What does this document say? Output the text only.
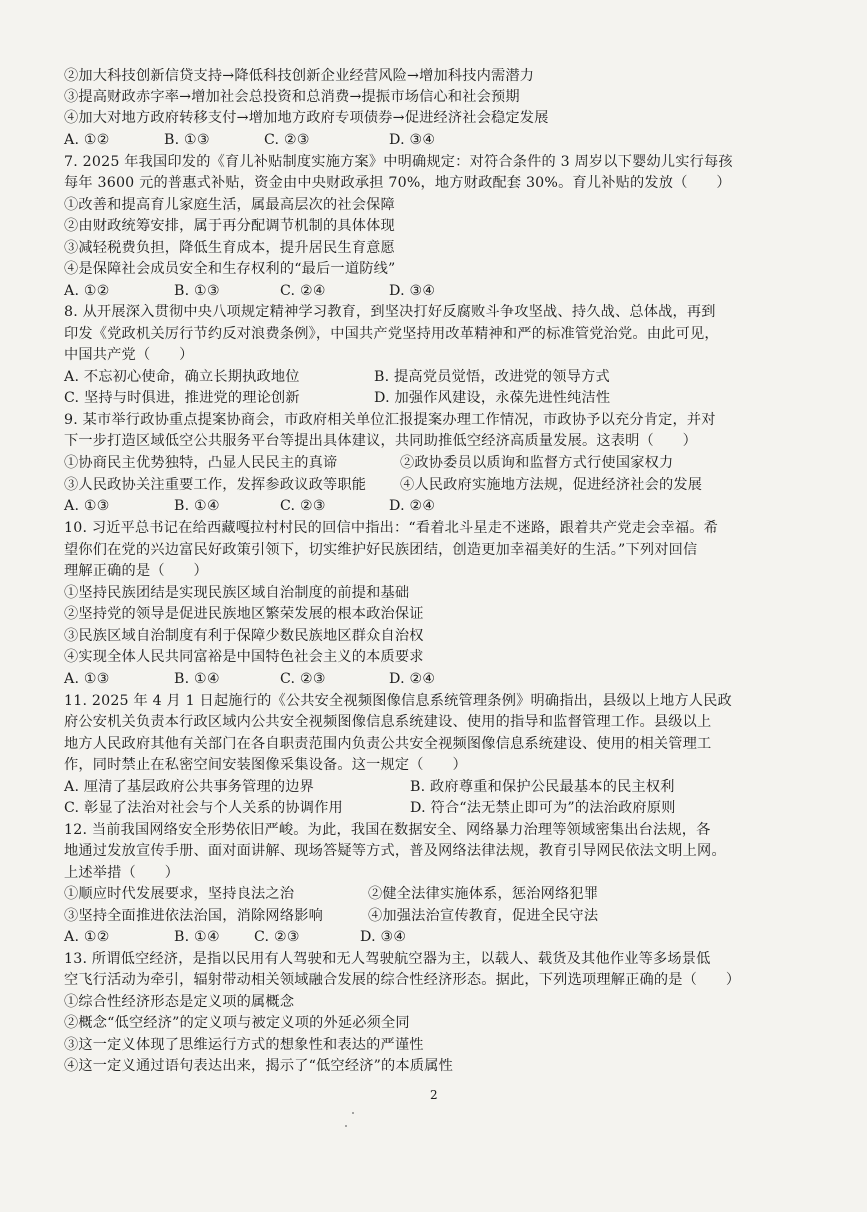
②加大科技创新信贷支持→降低科技创新企业经营风险→增加科技内需潜力
③提高财政赤字率→增加社会总投资和总消费→提振市场信心和社会预期
④加大对地方政府转移支付→增加地方政府专项债券→促进经济社会稳定发展
A. ①②	B. ①③	C. ②③	D. ③④
7. 2025 年我国印发的《育儿补贴制度实施方案》中明确规定：对符合条件的 3 周岁以下婴幼儿实行每孩
每年 3600 元的普惠式补贴，资金由中央财政承担 70%，地方财政配套 30%。育儿补贴的发放（　　）
①改善和提高育儿家庭生活，属最高层次的社会保障
②由财政统筹安排，属于再分配调节机制的具体体现
③减轻税费负担，降低生育成本，提升居民生育意愿
④是保障社会成员安全和生存权利的“最后一道防线”
A. ①②	B. ①③	C. ②④	D. ③④
8. 从开展深入贯彻中央八项规定精神学习教育，到坚决打好反腐败斗争攻坚战、持久战、总体战，再到
印发《党政机关厉行节约反对浪费条例》，中国共产党坚持用改革精神和严的标准管党治党。由此可见，
中国共产党（　　）
A. 不忘初心使命，确立长期执政地位	B. 提高党员觉悟，改进党的领导方式
C. 坚持与时俱进，推进党的理论创新	D. 加强作风建设，永葆先进性纯洁性
9. 某市举行政协重点提案协商会，市政府相关单位汇报提案办理工作情况，市政协予以充分肯定，并对
下一步打造区域低空公共服务平台等提出具体建议，共同助推低空经济高质量发展。这表明（　　）
①协商民主优势独特，凸显人民民主的真谛	②政协委员以质询和监督方式行使国家权力
③人民政协关注重要工作，发挥参政议政等职能 ④人民政府实施地方法规，促进经济社会的发展
A. ①③	B. ①④	C. ②③	D. ②④
10. 习近平总书记在给西藏嘎拉村村民的回信中指出：“看着北斗星走不迷路，跟着共产党走会幸福。希
望你们在党的兴边富民好政策引领下，切实维护好民族团结，创造更加幸福美好的生活。”下列对回信
理解正确的是（　　）
①坚持民族团结是实现民族区域自治制度的前提和基础
②坚持党的领导是促进民族地区繁荣发展的根本政治保证
③民族区域自治制度有利于保障少数民族地区群众自治权
④实现全体人民共同富裕是中国特色社会主义的本质要求
A. ①③	B. ①④	C. ②③	D. ②④
11. 2025 年 4 月 1 日起施行的《公共安全视频图像信息系统管理条例》明确指出，县级以上地方人民政
府公安机关负责本行政区域内公共安全视频图像信息系统建设、使用的指导和监督管理工作。县级以上
地方人民政府其他有关部门在各自职责范围内负责公共安全视频图像信息系统建设、使用的相关管理工
作，同时禁止在私密空间安装图像采集设备。这一规定（　　）
A. 厘清了基层政府公共事务管理的边界	B. 政府尊重和保护公民最基本的民主权利
C. 彰显了法治对社会与个人关系的协调作用	D. 符合“法无禁止即可为”的法治政府原则
12. 当前我国网络安全形势依旧严峻。为此，我国在数据安全、网络暴力治理等领域密集出台法规，各
地通过发放宣传手册、面对面讲解、现场答疑等方式，普及网络法律法规，教育引导网民依法文明上网。
上述举措（　　）
①顺应时代发展要求，坚持良法之治	②健全法律实施体系，惩治网络犯罪
③坚持全面推进依法治国，消除网络影响	④加强法治宣传教育，促进全民守法
A. ①②	B. ①④ C. ②③	D. ③④
13. 所谓低空经济，是指以民用有人驾驶和无人驾驶航空器为主，以载人、载货及其他作业等多场景低
空飞行活动为牵引，辐射带动相关领域融合发展的综合性经济形态。据此，下列选项理解正确的是（　　）
①综合性经济形态是定义项的属概念
②概念“低空经济”的定义项与被定义项的外延必须全同
③这一定义体现了思维运行方式的想象性和表达的严谨性
④这一定义通过语句表达出来，揭示了“低空经济”的本质属性
2
